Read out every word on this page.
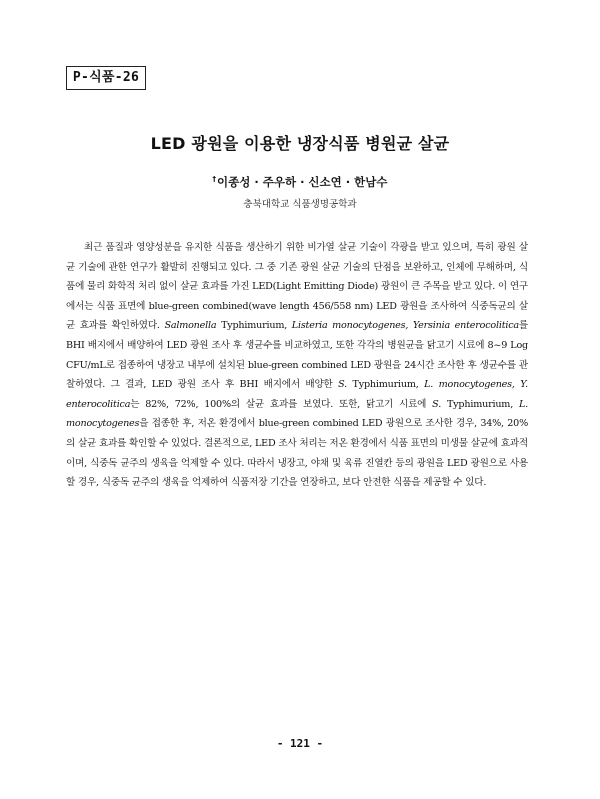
P-식품-26
LED 광원을 이용한 냉장식품 병원균 살균
†이종성 · 주우하 · 신소연 · 한남수
충북대학교 식품생명공학과

최근 품질과 영양성분을 유지한 식품을 생산하기 위한 비가열 살균 기술이 각광을 받고 있으며, 특히 광원 살균 기술에 관한 연구가 활발히 진행되고 있다. 그 중 기존 광원 살균 기술의 단점을 보완하고, 인체에 무해하며, 식품에 물리 화학적 처리 없이 살균 효과를 가진 LED(Light Emitting Diode) 광원이 큰 주목을 받고 있다. 이 연구에서는 식품 표면에 blue-green combined(wave length 456/558 nm) LED 광원을 조사하여 식중독균의 살균 효과를 확인하였다. Salmonella Typhimurium, Listeria monocytogenes, Yersinia enterocolitica를 BHI 배지에서 배양하여 LED 광원 조사 후 생균수를 비교하였고, 또한 각각의 병원균을 닭고기 시료에 8~9 Log CFU/mL로 접종하여 냉장고 내부에 설치된 blue-green combined LED 광원을 24시간 조사한 후 생균수를 관찰하였다. 그 결과, LED 광원 조사 후 BHI 배지에서 배양한 S. Typhimurium, L. monocytogenes, Y. enterocolitica는 82%, 72%, 100%의 살균 효과를 보였다. 또한, 닭고기 시료에 S. Typhimurium, L. monocytogenes을 접종한 후, 저온 환경에서 blue-green combined LED 광원으로 조사한 경우, 34%, 20%의 살균 효과를 확인할 수 있었다. 결론적으로, LED 조사 처리는 저온 환경에서 식품 표면의 미생물 살균에 효과적이며, 식중독 균주의 생육을 억제할 수 있다. 따라서 냉장고, 야채 및 육류 진열칸 등의 광원을 LED 광원으로 사용할 경우, 식중독 균주의 생육을 억제하여 식품저장 기간을 연장하고, 보다 안전한 식품을 제공할 수 있다.

- 121 -
